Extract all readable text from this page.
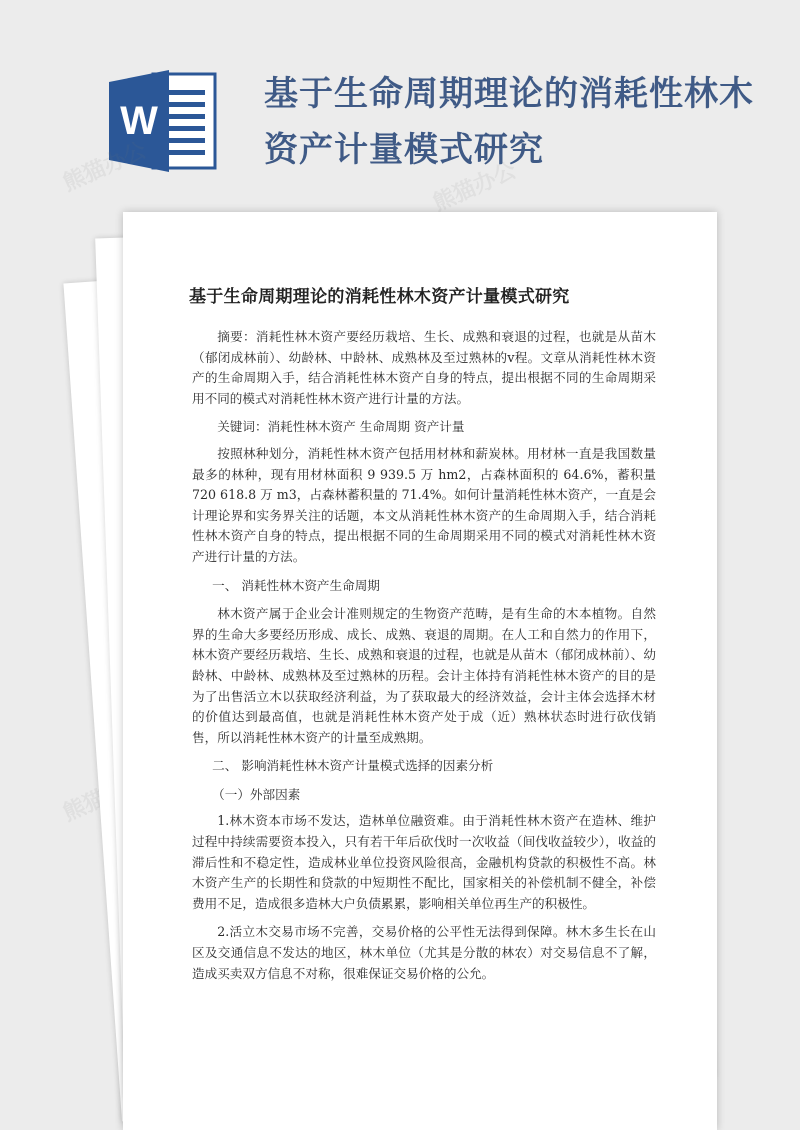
W
基于生命周期理论的消耗性林木资产计量模式研究
熊猫办公	熊猫办公
基于生命周期理论的消耗性林木资产计量模式研究

摘要：消耗性林木资产要经历栽培、生长、成熟和衰退的过程，也就是从苗木（郁闭成林前）、幼龄林、中龄林、成熟林及至过熟林的v程。文章从消耗性林木资产的生命周期入手，结合消耗性林木资产自身的特点，提出根据不同的生命周期采用不同的模式对消耗性林木资产进行计量的方法。

关键词：消耗性林木资产 生命周期 资产计量

按照林种划分，消耗性林木资产包括用材林和薪炭林。用材林一直是我国数量最多的林种，现有用材林面积 9 939.5 万 hm2，占森林面积的 64.6%，蓄积量 720 618.8 万 m3，占森林蓄积量的 71.4%。如何计量消耗性林木资产，一直是会计理论界和实务界关注的话题，本文从消耗性林木资产的生命周期入手，结合消耗性林木资产自身的特点，提出根据不同的生命周期采用不同的模式对消耗性林木资产进行计量的方法。

一、 消耗性林木资产生命周期

林木资产属于企业会计准则规定的生物资产范畴，是有生命的木本植物。自然界的生命大多要经历形成、成长、成熟、衰退的周期。在人工和自然力的作用下，林木资产要经历栽培、生长、成熟和衰退的过程，也就是从苗木（郁闭成林前）、幼龄林、中龄林、成熟林及至过熟林的历程。会计主体持有消耗性林木资产的目的是为了出售活立木以获取经济利益，为了获取最大的经济效益，会计主体会选择木材的价值达到最高值，也就是消耗性林木资产处于成（近）熟林状态时进行砍伐销售，所以消耗性林木资产的计量至成熟期。

二、 影响消耗性林木资产计量模式选择的因素分析

（一）外部因素

1.林木资本市场不发达，造林单位融资难。由于消耗性林木资产在造林、维护过程中持续需要资本投入，只有若干年后砍伐时一次收益（间伐收益较少），收益的滞后性和不稳定性，造成林业单位投资风险很高，金融机构贷款的积极性不高。林木资产生产的长期性和贷款的中短期性不配比，国家相关的补偿机制不健全，补偿费用不足，造成很多造林大户负债累累，影响相关单位再生产的积极性。

2.活立木交易市场不完善，交易价格的公平性无法得到保障。林木多生长在山区及交通信息不发达的地区，林木单位（尤其是分散的林农）对交易信息不了解，造成买卖双方信息不对称，很难保证交易价格的公允。
